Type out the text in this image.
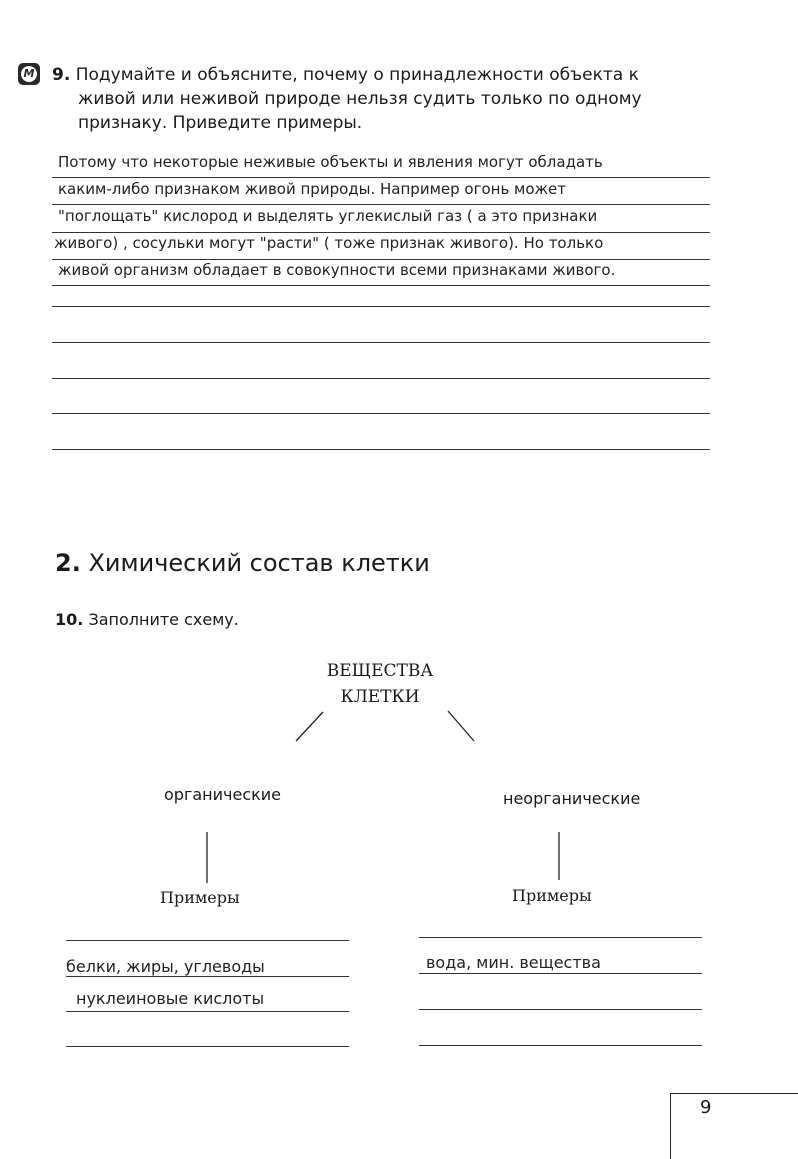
М 9. Подумайте и объясните, почему о принадлежности объекта к
живой или неживой природе нельзя судить только по одному
признаку. Приведите примеры.
Потому что некоторые неживые объекты и явления могут обладать
каким-либо признаком живой природы. Например огонь может
"поглощать" кислород и выделять углекислый газ ( а это признаки
живого) , сосульки могут "расти" ( тоже признак живого). Но только
живой организм обладает в совокупности всеми признаками живого.
2. Химический состав клетки
10. Заполните схему.
ВЕЩЕСТВА
КЛЕТКИ
органические	неорганические
Примеры	Примеры
белки, жиры, углеводы
нуклеиновые кислоты
вода, мин. вещества
9
